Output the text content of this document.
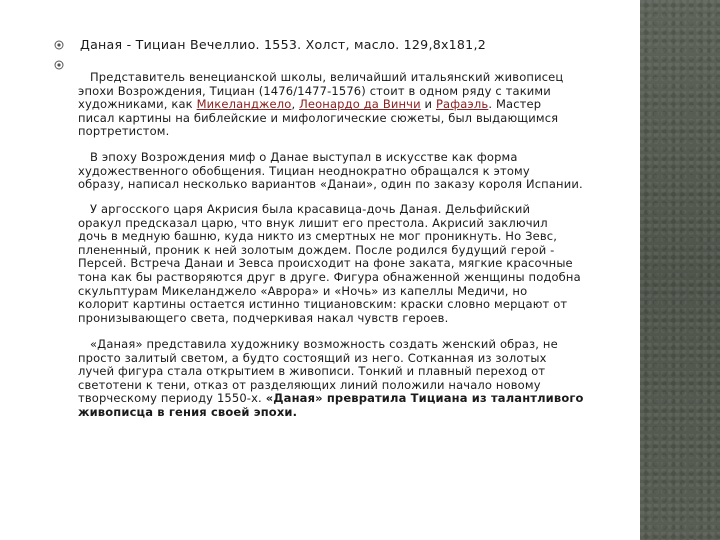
Даная - Тициан Вечеллио. 1553. Холст, масло. 129,8х181,2
Представитель венецианской школы, величайший итальянский живописец
эпохи Возрождения, Тициан (1476/1477-1576) стоит в одном ряду с такими
художниками, как Микеланджело, Леонардо да Винчи и Рафаэль. Мастер
писал картины на библейские и мифологические сюжеты, был выдающимся
портретистом.
В эпоху Возрождения миф о Данае выступал в искусстве как форма
художественного обобщения. Тициан неоднократно обращался к этому
образу, написал несколько вариантов «Данаи», один по заказу короля Испании.
У аргосского царя Акрисия была красавица-дочь Даная. Дельфийский
оракул предсказал царю, что внук лишит его престола. Акрисий заключил
дочь в медную башню, куда никто из смертных не мог проникнуть. Но Зевс,
плененный, проник к ней золотым дождем. После родился будущий герой -
Персей. Встреча Данаи и Зевса происходит на фоне заката, мягкие красочные
тона как бы растворяются друг в друге. Фигура обнаженной женщины подобна
скульптурам Микеланджело «Аврора» и «Ночь» из капеллы Медичи, но
колорит картины остается истинно тициановским: краски словно мерцают от
пронизывающего света, подчеркивая накал чувств героев.
«Даная» представила художнику возможность создать женский образ, не
просто залитый светом, а будто состоящий из него. Сотканная из золотых
лучей фигура стала открытием в живописи. Тонкий и плавный переход от
светотени к тени, отказ от разделяющих линий положили начало новому
творческому периоду 1550-х. «Даная» превратила Тициана из талантливого
живописца в гения своей эпохи.
